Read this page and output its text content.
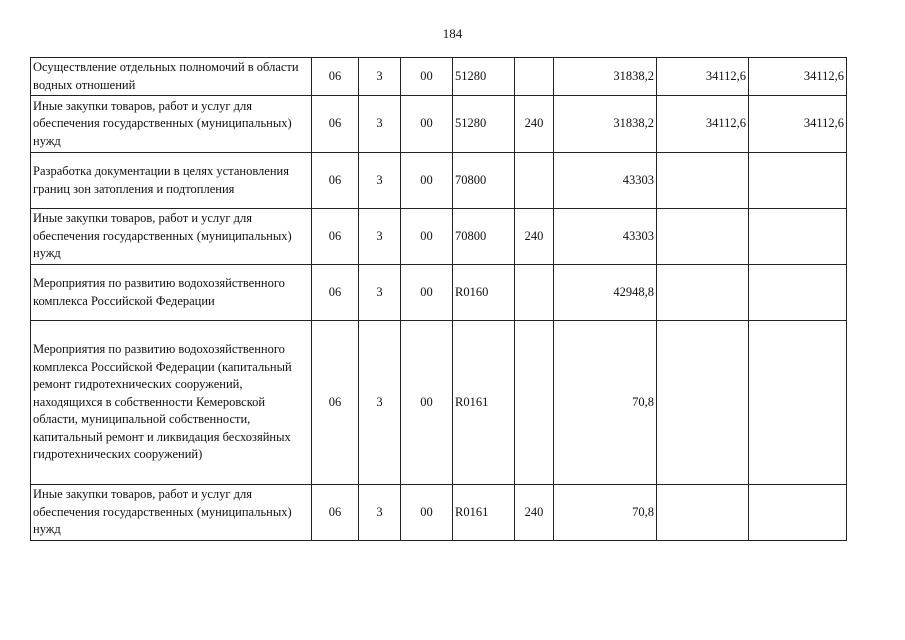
184
Осуществление отдельных полномочий в области водных отношений	06	3	00	51280		31838,2	34112,6	34112,6
Иные закупки товаров, работ и услуг для обеспечения государственных (муниципальных) нужд	06	3	00	51280	240	31838,2	34112,6	34112,6
Разработка документации в целях установления границ зон затопления и подтопления	06	3	00	70800		43303		
Иные закупки товаров, работ и услуг для обеспечения государственных (муниципальных) нужд	06	3	00	70800	240	43303		
Мероприятия по развитию водохозяйственного комплекса Российской Федерации	06	3	00	R0160		42948,8		
Мероприятия по развитию водохозяйственного комплекса Российской Федерации (капитальный ремонт гидротехнических сооружений, находящихся в собственности Кемеровской области, муниципальной собственности, капитальный ремонт и ликвидация бесхозяйных гидротехнических сооружений)	06	3	00	R0161		70,8		
Иные закупки товаров, работ и услуг для обеспечения государственных (муниципальных) нужд	06	3	00	R0161	240	70,8		
